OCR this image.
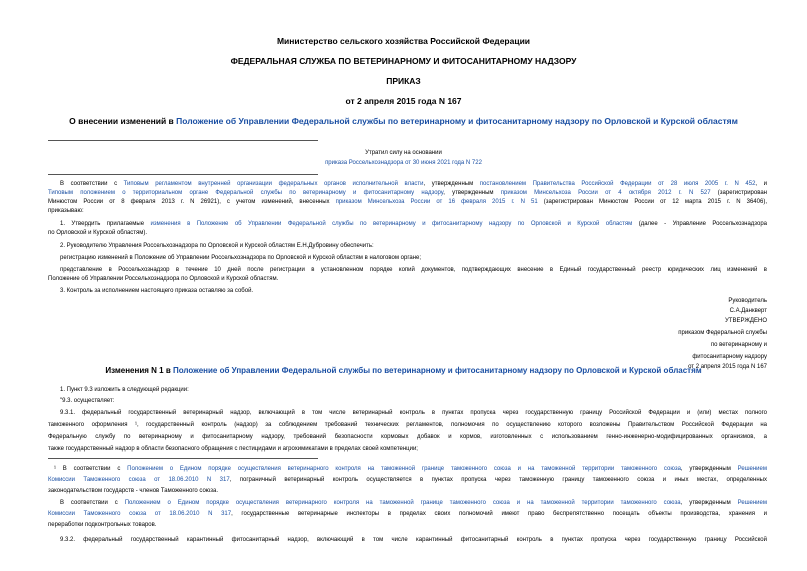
Министерство сельского хозяйства Российской Федерации
ФЕДЕРАЛЬНАЯ СЛУЖБА ПО ВЕТЕРИНАРНОМУ И ФИТОСАНИТАРНОМУ НАДЗОРУ
ПРИКАЗ
от 2 апреля 2015 года N 167
О внесении изменений в Положение об Управлении Федеральной службы по ветеринарному и фитосанитарному надзору по Орловской и Курской областям
Утратил силу на основании
приказа Россельхознадзора от 30 июня 2021 года N 722
В соответствии с Типовым регламентом внутренней организации федеральных органов исполнительной власти, утвержденным постановлением Правительства Российской Федерации от 28 июля 2005 г. N 452, и
Типовым положением о территориальном органе Федеральной службы по ветеринарному и фитосанитарному надзору, утвержденным приказом Минсельхоза России от 4 октября 2012 г. N 527 (зарегистрирован
Минюстом России от 8 февраля 2013 г. N 26921), с учетом изменений, внесенных приказом Минсельхоза России от 16 февраля 2015 г. N 51 (зарегистрирован Минюстом России от 12 марта 2015 г. N 36406),
приказываю:
1. Утвердить прилагаемые изменения в Положение об Управлении Федеральной службы по ветеринарному и фитосанитарному надзору по Орловской и Курской областям (далее - Управление Россельхознадзора
по Орловской и Курской областям).
2. Руководителю Управления Россельхознадзора по Орловской и Курской областям Е.Н.Дубровину обеспечить:
регистрацию изменений в Положение об Управлении Россельхознадзора по Орловской и Курской областям в налоговом органе;
представление в Россельхознадзор в течение 10 дней после регистрации в установленном порядке копий документов, подтверждающих внесение в Единый государственный реестр юридических лиц изменений в
Положение об Управлении Россельхознадзора по Орловской и Курской областям.
3. Контроль за исполнением настоящего приказа оставляю за собой.
Руководитель
С.А.Данкверт
УТВЕРЖДЕНО
приказом Федеральной службы
по ветеринарному и
фитосанитарному надзору
от 2 апреля 2015 года N 167
Изменения N 1 в Положение об Управлении Федеральной службы по ветеринарному и фитосанитарному надзору по Орловской и Курской областям
1. Пункт 9.3 изложить в следующей редакции:
"9.3. осуществляет:
9.3.1. федеральный государственный ветеринарный надзор, включающий в том числе ветеринарный контроль в пунктах пропуска через государственную границу Российской Федерации и (или) местах полного
таможенного оформления ¹, государственный контроль (надзор) за соблюдением требований технических регламентов, полномочия по осуществлению которого возложены Правительством Российской Федерации на
Федеральную службу по ветеринарному и фитосанитарному надзору, требований безопасности кормовых добавок и кормов, изготовленных с использованием генно-инженерно-модифицированных организмов, а
также государственный надзор в области безопасного обращения с пестицидами и агрохимикатами в пределах своей компетенции;
¹ В соответствии с Положением о Едином порядке осуществления ветеринарного контроля на таможенной границе таможенного союза и на таможенной территории таможенного союза, утвержденным Решением
Комиссии Таможенного союза от 18.06.2010 N 317, пограничный ветеринарный контроль осуществляется в пунктах пропуска через таможенную границу таможенного союза и иных местах, определенных
законодательством государств - членов Таможенного союза.
В соответствии с Положением о Едином порядке осуществления ветеринарного контроля на таможенной границе таможенного союза и на таможенной территории таможенного союза, утвержденным Решением
Комиссии Таможенного союза от 18.06.2010 N 317, государственные ветеринарные инспекторы в пределах своих полномочий имеют право беспрепятственно посещать объекты производства, хранения и
переработки подконтрольных товаров.
9.3.2. федеральный государственный карантинный фитосанитарный надзор, включающий в том числе карантинный фитосанитарный контроль в пунктах пропуска через государственную границу Российской
